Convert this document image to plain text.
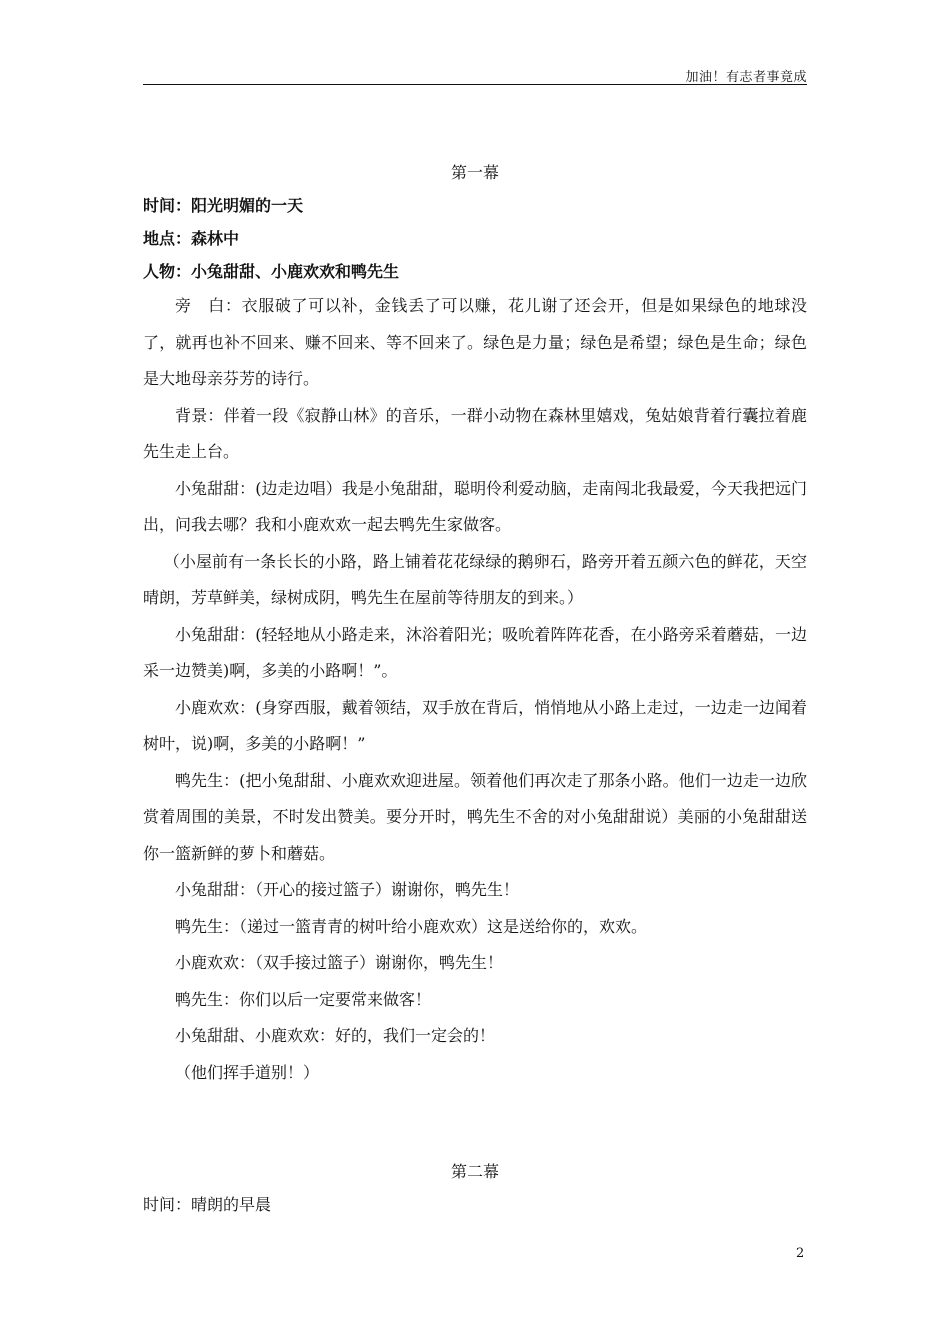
加油！有志者事竟成
第一幕
时间：阳光明媚的一天
地点：森林中
人物：小兔甜甜、小鹿欢欢和鸭先生

旁　白：衣服破了可以补，金钱丢了可以赚，花儿谢了还会开，但是如果绿色的地球没了，就再也补不回来、赚不回来、等不回来了。绿色是力量；绿色是希望；绿色是生命；绿色是大地母亲芬芳的诗行。

背景：伴着一段《寂静山林》的音乐，一群小动物在森林里嬉戏，兔姑娘背着行囊拉着鹿先生走上台。

小兔甜甜：(边走边唱）我是小兔甜甜，聪明伶利爱动脑，走南闯北我最爱，今天我把远门出，问我去哪？我和小鹿欢欢一起去鸭先生家做客。

（小屋前有一条长长的小路，路上铺着花花绿绿的鹅卵石，路旁开着五颜六色的鲜花，天空晴朗，芳草鲜美，绿树成阴，鸭先生在屋前等待朋友的到来。）

小兔甜甜：(轻轻地从小路走来，沐浴着阳光；吸吮着阵阵花香，在小路旁采着蘑菇，一边采一边赞美)啊，多美的小路啊！”。

小鹿欢欢：(身穿西服，戴着领结，双手放在背后，悄悄地从小路上走过，一边走一边闻着树叶，说)啊，多美的小路啊！”

鸭先生：(把小兔甜甜、小鹿欢欢迎进屋。领着他们再次走了那条小路。他们一边走一边欣赏着周围的美景，不时发出赞美。要分开时，鸭先生不舍的对小兔甜甜说）美丽的小兔甜甜送你一篮新鲜的萝卜和蘑菇。

小兔甜甜：（开心的接过篮子）谢谢你，鸭先生！

鸭先生：（递过一篮青青的树叶给小鹿欢欢）这是送给你的，欢欢。

小鹿欢欢：（双手接过篮子）谢谢你，鸭先生！

鸭先生：你们以后一定要常来做客！

小兔甜甜、小鹿欢欢：好的，我们一定会的！

（他们挥手道别！）

第二幕
时间：晴朗的早晨
2
